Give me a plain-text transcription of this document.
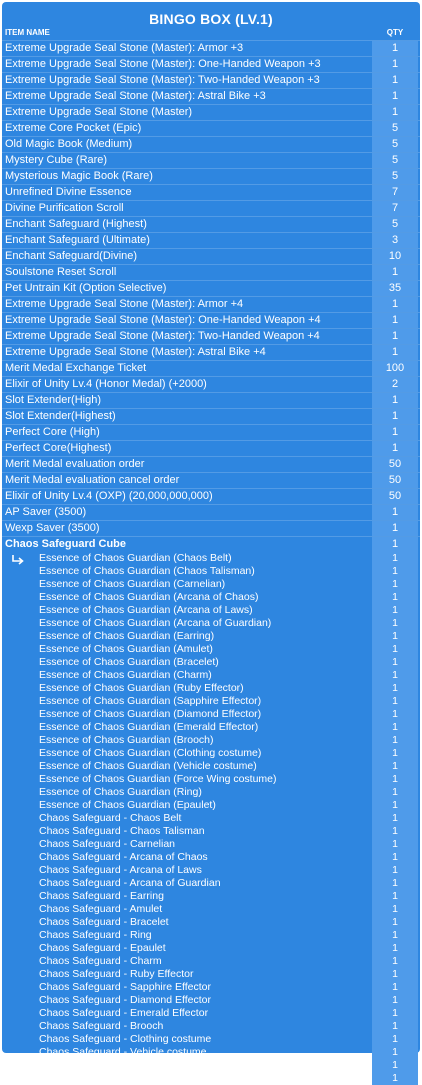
BINGO BOX (LV.1)
ITEM NAME	QTY
Extreme Upgrade Seal Stone (Master): Armor +3	1
Extreme Upgrade Seal Stone (Master): One-Handed Weapon +3	1
Extreme Upgrade Seal Stone (Master): Two-Handed Weapon +3	1
Extreme Upgrade Seal Stone (Master): Astral Bike +3	1
Extreme Upgrade Seal Stone (Master)	1
Extreme Core Pocket (Epic)	5
Old Magic Book (Medium)	5
Mystery Cube (Rare)	5
Mysterious Magic Book (Rare)	5
Unrefined Divine Essence	7
Divine Purification Scroll	7
Enchant Safeguard (Highest)	5
Enchant Safeguard (Ultimate)	3
Enchant Safeguard(Divine)	10
Soulstone Reset Scroll	1
Pet Untrain Kit (Option Selective)	35
Extreme Upgrade Seal Stone (Master): Armor +4	1
Extreme Upgrade Seal Stone (Master): One-Handed Weapon +4	1
Extreme Upgrade Seal Stone (Master): Two-Handed Weapon +4	1
Extreme Upgrade Seal Stone (Master): Astral Bike +4	1
Merit Medal Exchange Ticket	100
Elixir of Unity Lv.4 (Honor Medal) (+2000)	2
Slot Extender(High)	1
Slot Extender(Highest)	1
Perfect Core (High)	1
Perfect Core(Highest)	1
Merit Medal evaluation order	50
Merit Medal evaluation cancel order	50
Elixir of Unity Lv.4 (OXP) (20,000,000,000)	50
AP Saver (3500)	1
Wexp Saver (3500)	1
Chaos Safeguard Cube	1
Essence of Chaos Guardian (Chaos Belt)	1
Essence of Chaos Guardian (Chaos Talisman)	1
Essence of Chaos Guardian (Carnelian)	1
Essence of Chaos Guardian (Arcana of Chaos)	1
Essence of Chaos Guardian (Arcana of Laws)	1
Essence of Chaos Guardian (Arcana of Guardian)	1
Essence of Chaos Guardian (Earring)	1
Essence of Chaos Guardian (Amulet)	1
Essence of Chaos Guardian (Bracelet)	1
Essence of Chaos Guardian (Charm)	1
Essence of Chaos Guardian (Ruby Effector)	1
Essence of Chaos Guardian (Sapphire Effector)	1
Essence of Chaos Guardian (Diamond Effector)	1
Essence of Chaos Guardian (Emerald Effector)	1
Essence of Chaos Guardian (Brooch)	1
Essence of Chaos Guardian (Clothing costume)	1
Essence of Chaos Guardian (Vehicle costume)	1
Essence of Chaos Guardian (Force Wing costume)	1
Essence of Chaos Guardian (Ring)	1
Essence of Chaos Guardian (Epaulet)	1
Chaos Safeguard - Chaos Belt	1
Chaos Safeguard - Chaos Talisman	1
Chaos Safeguard - Carnelian	1
Chaos Safeguard - Arcana of Chaos	1
Chaos Safeguard - Arcana of Laws	1
Chaos Safeguard - Arcana of Guardian	1
Chaos Safeguard - Earring	1
Chaos Safeguard - Amulet	1
Chaos Safeguard - Bracelet	1
Chaos Safeguard - Ring	1
Chaos Safeguard - Epaulet	1
Chaos Safeguard - Charm	1
Chaos Safeguard - Ruby Effector	1
Chaos Safeguard - Sapphire Effector	1
Chaos Safeguard - Diamond Effector	1
Chaos Safeguard - Emerald Effector	1
Chaos Safeguard - Brooch	1
Chaos Safeguard - Clothing costume	1
Chaos Safeguard - Vehicle costume	1
Chaos Safeguard - Force Wing costume	1
Chaos Safeguard	1
